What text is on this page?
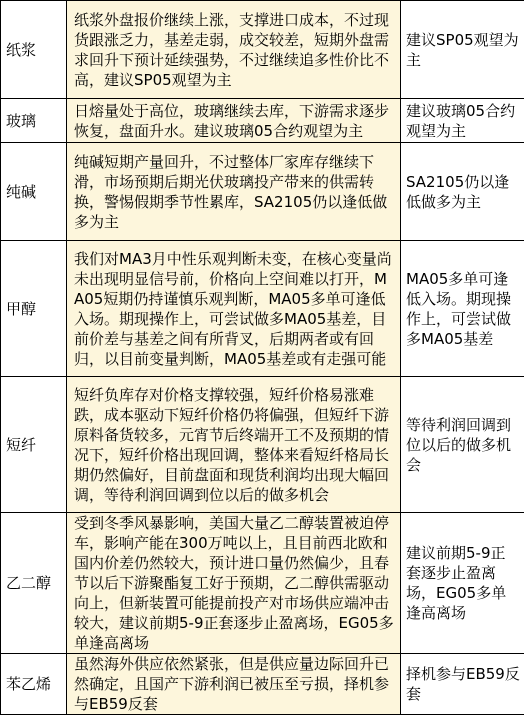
纸浆	纸浆外盘报价继续上涨，支撑进口成本，不过现货跟涨乏力，基差走弱，成交较差，短期外盘需求回升下预计延续强势，不过继续追多性价比不高，建议SP05观望为主	建议SP05观望为主
玻璃	日熔量处于高位，玻璃继续去库，下游需求逐步恢复，盘面升水。建议玻璃05合约观望为主	建议玻璃05合约观望为主
纯碱	纯碱短期产量回升，不过整体厂家库存继续下滑，市场预期后期光伏玻璃投产带来的供需转换，警惕假期季节性累库，SA2105仍以逢低做多为主	SA2105仍以逢低做多为主
甲醇	我们对MA3月中性乐观判断未变，在核心变量尚未出现明显信号前，价格向上空间难以打开，MA05短期仍持谨慎乐观判断，MA05多单可逢低入场。期现操作上，可尝试做多MA05基差，目前价差与基差之间有所背叉，后期两者或有回归，以目前变量判断，MA05基差或有走强可能	MA05多单可逢低入场。期现操作上，可尝试做多MA05基差
短纤	短纤负库存对价格支撑较强，短纤价格易涨难跌，成本驱动下短纤价格仍将偏强，但短纤下游原料备货较多，元宵节后终端开工不及预期的情况下，短纤价格出现回调，整体来看短纤格局长期仍然偏好，目前盘面和现货利润均出现大幅回调，等待利润回调到位以后的做多机会	等待利润回调到位以后的做多机会
乙二醇	受到冬季风暴影响，美国大量乙二醇装置被迫停车，影响产能在300万吨以上，且目前西北欧和国内价差仍然较大，预计进口量仍然偏少，且春节以后下游聚酯复工好于预期，乙二醇供需驱动向上，但新装置可能提前投产对市场供应端冲击较大，建议前期5-9正套逐步止盈离场，EG05多单逢高离场	建议前期5-9正套逐步止盈离场，EG05多单逢高离场
苯乙烯	虽然海外供应依然紧张，但是供应量边际回升已然确定，且国产下游利润已被压至亏损，择机参与EB59反套	择机参与EB59反套
